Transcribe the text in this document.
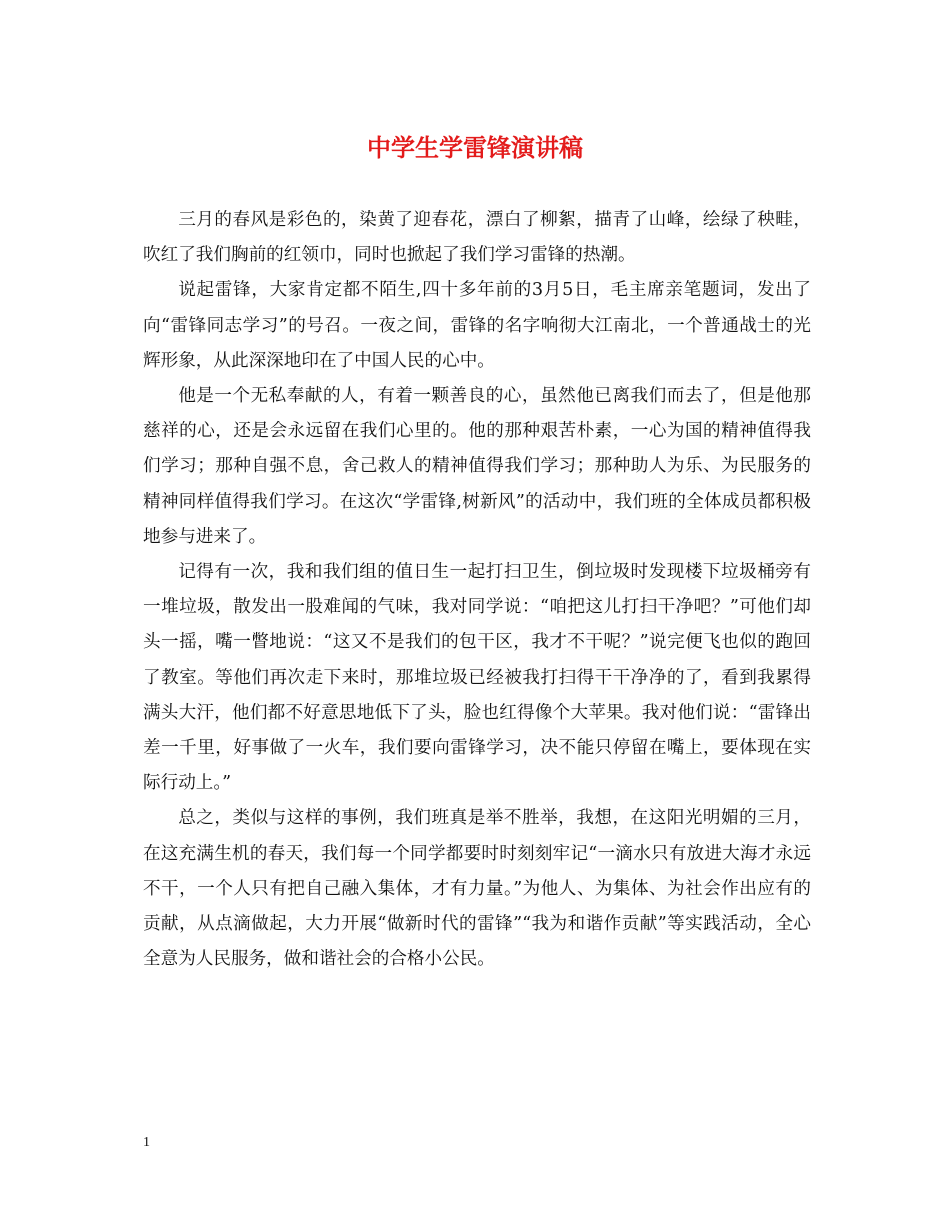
中学生学雷锋演讲稿

三月的春风是彩色的，染黄了迎春花，漂白了柳絮，描青了山峰，绘绿了秧畦，吹红了我们胸前的红领巾，同时也掀起了我们学习雷锋的热潮。

说起雷锋，大家肯定都不陌生,四十多年前的3月5日，毛主席亲笔题词，发出了向“雷锋同志学习”的号召。一夜之间，雷锋的名字响彻大江南北，一个普通战士的光辉形象，从此深深地印在了中国人民的心中。

他是一个无私奉献的人，有着一颗善良的心，虽然他已离我们而去了，但是他那慈祥的心，还是会永远留在我们心里的。他的那种艰苦朴素，一心为国的精神值得我们学习；那种自强不息，舍己救人的精神值得我们学习；那种助人为乐、为民服务的精神同样值得我们学习。在这次“学雷锋,树新风”的活动中，我们班的全体成员都积极地参与进来了。

记得有一次，我和我们组的值日生一起打扫卫生，倒垃圾时发现楼下垃圾桶旁有一堆垃圾，散发出一股难闻的气味，我对同学说：“咱把这儿打扫干净吧？”可他们却头一摇，嘴一瞥地说：“这又不是我们的包干区，我才不干呢？”说完便飞也似的跑回了教室。等他们再次走下来时，那堆垃圾已经被我打扫得干干净净的了，看到我累得满头大汗，他们都不好意思地低下了头，脸也红得像个大苹果。我对他们说：“雷锋出差一千里，好事做了一火车，我们要向雷锋学习，决不能只停留在嘴上，要体现在实际行动上。”

总之，类似与这样的事例，我们班真是举不胜举，我想，在这阳光明媚的三月，在这充满生机的春天，我们每一个同学都要时时刻刻牢记“一滴水只有放进大海才永远不干，一个人只有把自己融入集体，才有力量。”为他人、为集体、为社会作出应有的贡献，从点滴做起，大力开展“做新时代的雷锋”“我为和谐作贡献”等实践活动，全心全意为人民服务，做和谐社会的合格小公民。

1
